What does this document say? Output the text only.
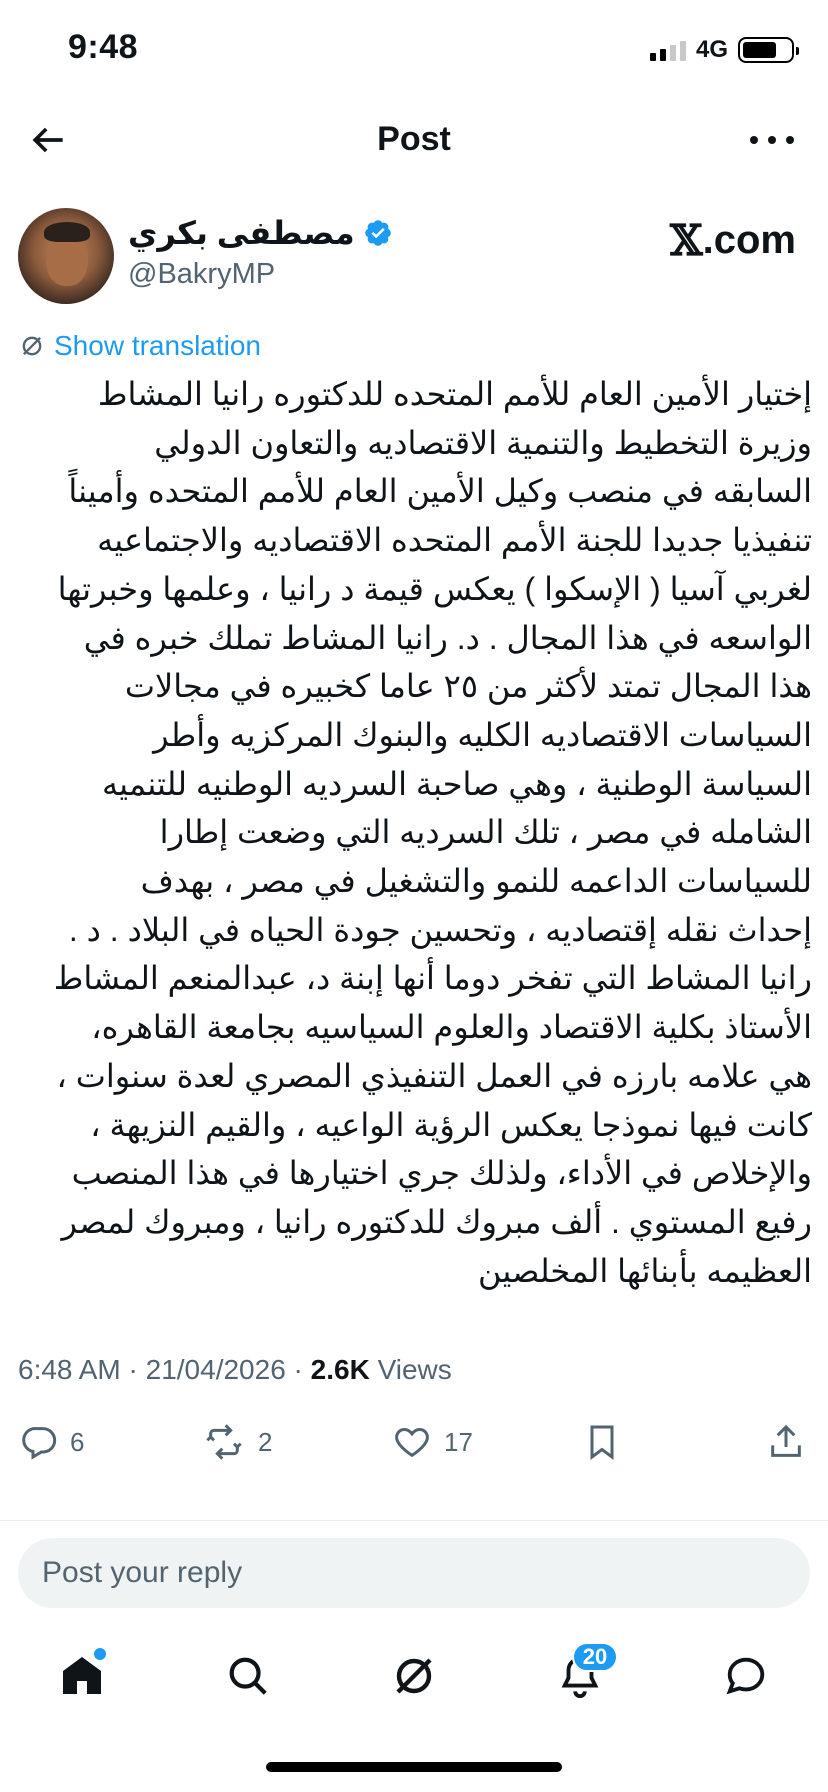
9:48	4G
Post
مصطفى بكري
@BakryMP
𝕏 .com
Show translation
إختيار الأمين العام للأمم المتحده للدكتوره رانيا المشاط
وزيرة التخطيط والتنمية الاقتصاديه والتعاون الدولي
السابقه في منصب وكيل الأمين العام للأمم المتحده وأميناً
تنفيذيا جديدا للجنة الأمم المتحده الاقتصاديه والاجتماعيه
لغربي آسيا ( الإسكوا ) يعكس قيمة د رانيا ، وعلمها وخبرتها
الواسعه في هذا المجال . د. رانيا المشاط تملك خبره في
هذا المجال تمتد لأكثر من ٢٥ عاما كخبيره في مجالات
السياسات الاقتصاديه الكليه والبنوك المركزيه وأطر
السياسة الوطنية ، وهي صاحبة السرديه الوطنيه للتنميه
الشامله في مصر ، تلك السرديه التي وضعت إطارا
للسياسات الداعمه للنمو والتشغيل في مصر ، بهدف
إحداث نقله إقتصاديه ، وتحسين جودة الحياه في البلاد . د .
رانيا المشاط التي تفخر دوما أنها إبنة د، عبدالمنعم المشاط
الأستاذ بكلية الاقتصاد والعلوم السياسيه بجامعة القاهره،
هي علامه بارزه في العمل التنفيذي المصري لعدة سنوات ،
كانت فيها نموذجا يعكس الرؤية الواعيه ، والقيم النزيهة ،
والإخلاص في الأداء، ولذلك جري اختيارها في هذا المنصب
رفيع المستوي . ألف مبروك للدكتوره رانيا ، ومبروك لمصر
العظيمه بأبنائها المخلصين
6:48 AM · 21/04/2026 · 2.6K Views
6	2	17
Post your reply
20
